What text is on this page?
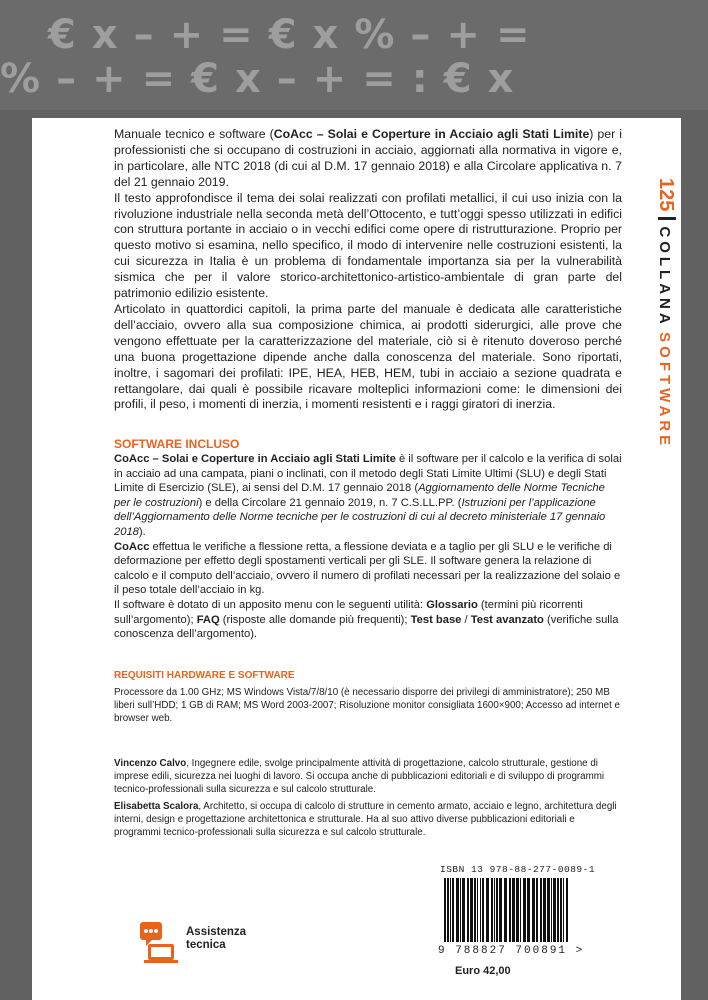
€ x – + = € x % – + =
% – + = € x – + = : € x
125COLLANA SOFTWARE

Manuale tecnico e software (CoAcc – Solai e Coperture in Acciaio agli Stati Limite) per i professionisti che si occupano di costruzioni in acciaio, aggiornati alla normativa in vigore e, in particolare, alle NTC 2018 (di cui al D.M. 17 gennaio 2018) e alla Circolare applicativa n. 7 del 21 gennaio 2019.

Il testo approfondisce il tema dei solai realizzati con profilati metallici, il cui uso inizia con la rivoluzione industriale nella seconda metà dell’Ottocento, e tutt’oggi spesso utilizzati in edifici con struttura portante in acciaio o in vecchi edifici come opere di ristrutturazione. Proprio per questo motivo si esamina, nello specifico, il modo di intervenire nelle costruzioni esistenti, la cui sicurezza in Italia è un problema di fondamentale importanza sia per la vulnerabilità sismica che per il valore storico-architettonico-artistico-ambientale di gran parte del patrimonio edilizio esistente.

Articolato in quattordici capitoli, la prima parte del manuale è dedicata alle caratteristiche dell’acciaio, ovvero alla sua composizione chimica, ai prodotti siderurgici, alle prove che vengono effettuate per la caratterizzazione del materiale, ciò si è ritenuto doveroso perché una buona progettazione dipende anche dalla conoscenza del materiale. Sono riportati, inoltre, i sagomari dei profilati: IPE, HEA, HEB, HEM, tubi in acciaio a sezione quadrata e rettangolare, dai quali è possibile ricavare molteplici informazioni come: le dimensioni dei profili, il peso, i momenti di inerzia, i momenti resistenti e i raggi giratori di inerzia.

SOFTWARE INCLUSO

CoAcc – Solai e Coperture in Acciaio agli Stati Limite è il software per il calcolo e la verifica di solai in acciaio ad una campata, piani o inclinati, con il metodo degli Stati Limite Ultimi (SLU) e degli Stati Limite di Esercizio (SLE), ai sensi del D.M. 17 gennaio 2018 (Aggiornamento delle Norme Tecniche per le costruzioni) e della Circolare 21 gennaio 2019, n. 7 C.S.LL.PP. (Istruzioni per l’applicazione dell’Aggiornamento delle Norme tecniche per le costruzioni di cui al decreto ministeriale 17 gennaio 2018).

CoAcc effettua le verifiche a flessione retta, a flessione deviata e a taglio per gli SLU e le verifiche di deformazione per effetto degli spostamenti verticali per gli SLE. Il software genera la relazione di calcolo e il computo dell’acciaio, ovvero il numero di profilati necessari per la realizzazione del solaio e il peso totale dell’acciaio in kg.

Il software è dotato di un apposito menu con le seguenti utilità: Glossario (termini più ricorrenti sull’argomento); FAQ (risposte alle domande più frequenti); Test base / Test avanzato (verifiche sulla conoscenza dell’argomento).

REQUISITI HARDWARE E SOFTWARE
Processore da 1.00 GHz; MS Windows Vista/7/8/10 (è necessario disporre dei privilegi di amministratore); 250 MB liberi sull’HDD; 1 GB di RAM; MS Word 2003-2007; Risoluzione monitor consigliata 1600×900; Accesso ad internet e browser web.

Vincenzo Calvo, Ingegnere edile, svolge principalmente attività di progettazione, calcolo strutturale, gestione di imprese edili, sicurezza nei luoghi di lavoro. Si occupa anche di pubblicazioni editoriali e di sviluppo di programmi tecnico-professionali sulla sicurezza e sul calcolo strutturale.

Elisabetta Scalora, Architetto, si occupa di calcolo di strutture in cemento armato, acciaio e legno, architettura degli interni, design e progettazione architettonica e strutturale. Ha al suo attivo diverse pubblicazioni editoriali e programmi tecnico-professionali sulla sicurezza e sul calcolo strutturale.

Assistenza
tecnica
ISBN 13 978-88-277-0089-1
9 788827 700891 >
Euro 42,00
